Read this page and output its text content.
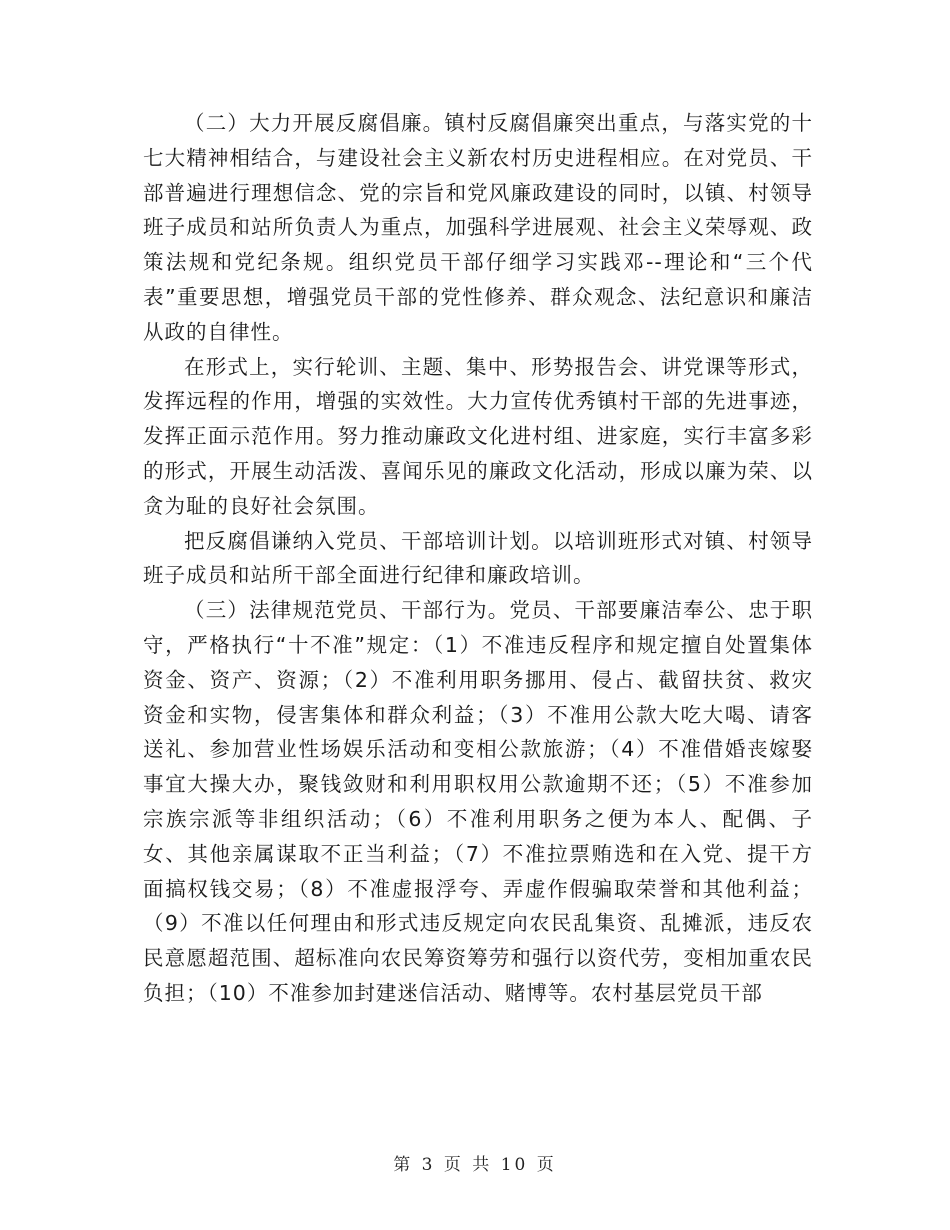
（二）大力开展反腐倡廉。镇村反腐倡廉突出重点，与落实党的十七大精神相结合，与建设社会主义新农村历史进程相应。在对党员、干部普遍进行理想信念、党的宗旨和党风廉政建设的同时，以镇、村领导班子成员和站所负责人为重点，加强科学进展观、社会主义荣辱观、政策法规和党纪条规。组织党员干部仔细学习实践邓--理论和“三个代表”重要思想，增强党员干部的党性修养、群众观念、法纪意识和廉洁从政的自律性。

在形式上，实行轮训、主题、集中、形势报告会、讲党课等形式，发挥远程的作用，增强的实效性。大力宣传优秀镇村干部的先进事迹，发挥正面示范作用。努力推动廉政文化进村组、进家庭，实行丰富多彩的形式，开展生动活泼、喜闻乐见的廉政文化活动，形成以廉为荣、以贪为耻的良好社会氛围。

把反腐倡谦纳入党员、干部培训计划。以培训班形式对镇、村领导班子成员和站所干部全面进行纪律和廉政培训。

（三）法律规范党员、干部行为。党员、干部要廉洁奉公、忠于职守，严格执行“十不准”规定：（1）不准违反程序和规定擅自处置集体资金、资产、资源；（2）不准利用职务挪用、侵占、截留扶贫、救灾资金和实物，侵害集体和群众利益；（3）不准用公款大吃大喝、请客送礼、参加营业性场娱乐活动和变相公款旅游；（4）不准借婚丧嫁娶事宜大操大办，聚钱敛财和利用职权用公款逾期不还；（5）不准参加宗族宗派等非组织活动；（6）不准利用职务之便为本人、配偶、子女、其他亲属谋取不正当利益；（7）不准拉票贿选和在入党、提干方面搞权钱交易；（8）不准虚报浮夸、弄虚作假骗取荣誉和其他利益；（9）不准以任何理由和形式违反规定向农民乱集资、乱摊派，违反农民意愿超范围、超标准向农民筹资筹劳和强行以资代劳，变相加重农民负担；（10）不准参加封建迷信活动、赌博等。农村基层党员干部

第 3 页 共 10 页
